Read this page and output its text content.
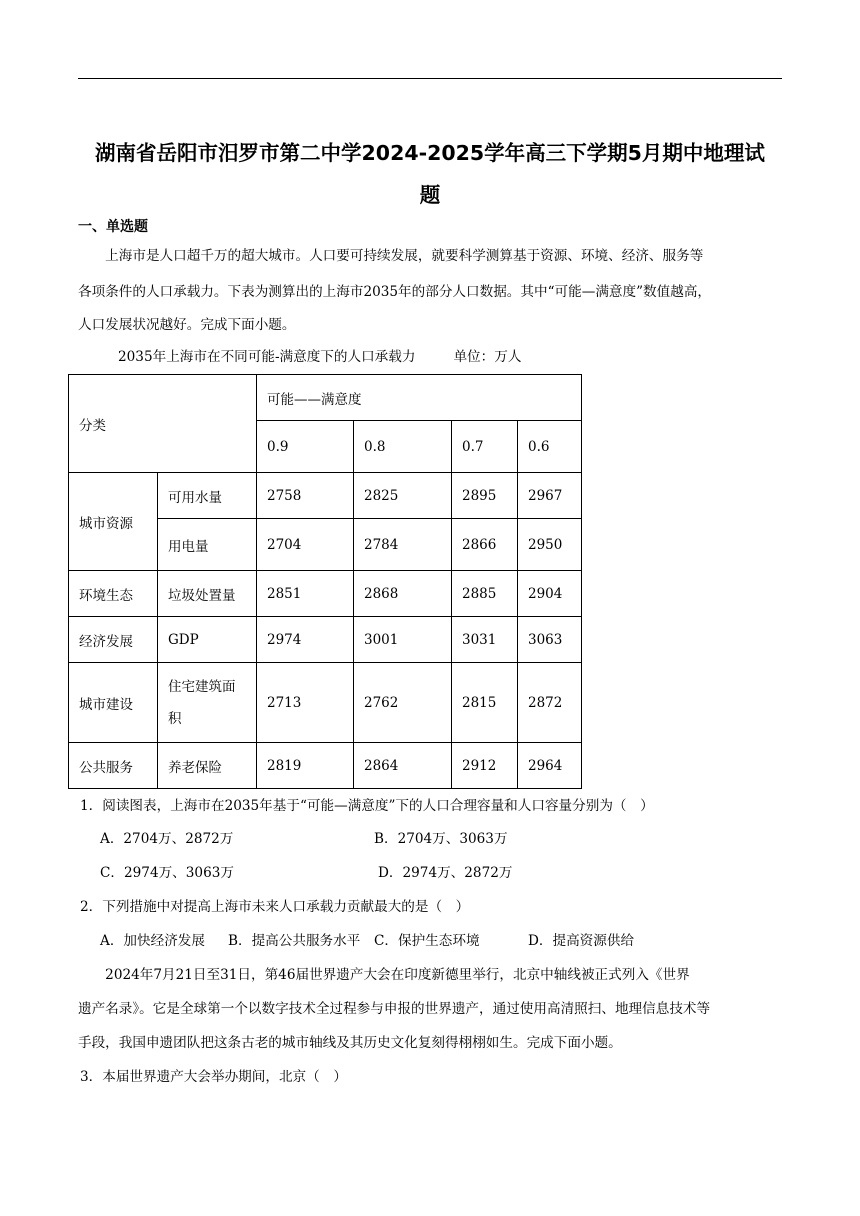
湖南省岳阳市汨罗市第二中学2024-2025学年高三下学期5月期中地理试
题
一、单选题
　　上海市是人口超千万的超大城市。人口要可持续发展，就要科学测算基于资源、环境、经济、服务等
各项条件的人口承载力。下表为测算出的上海市2035年的部分人口数据。其中“可能—满意度”数值越高，
人口发展状况越好。完成下面小题。
2035年上海市在不同可能-满意度下的人口承载力	单位：万人
分类		可能——满意度			
		0.9	0.8	0.7	0.6
城市资源	可用水量	2758	2825	2895	2967
	用电量	2704	2784	2866	2950
环境生态	垃圾处置量	2851	2868	2885	2904
经济发展	GDP	2974	3001	3031	3063
城市建设	住宅建筑面
积	2713	2762	2815	2872
公共服务	养老保险	2819	2864	2912	2964
1．阅读图表，上海市在2035年基于“可能—满意度”下的人口合理容量和人口容量分别为（　）
A．2704万、2872万	B．2704万、3063万
C．2974万、3063万	D．2974万、2872万
2．下列措施中对提高上海市未来人口承载力贡献最大的是（　）
A．加快经济发展 B．提高公共服务水平 C．保护生态环境	D．提高资源供给
　　2024年7月21日至31日，第46届世界遗产大会在印度新德里举行，北京中轴线被正式列入《世界
遗产名录》。它是全球第一个以数字技术全过程参与申报的世界遗产，通过使用高清照扫、地理信息技术等
手段，我国申遗团队把这条古老的城市轴线及其历史文化复刻得栩栩如生。完成下面小题。
3．本届世界遗产大会举办期间，北京（　）
